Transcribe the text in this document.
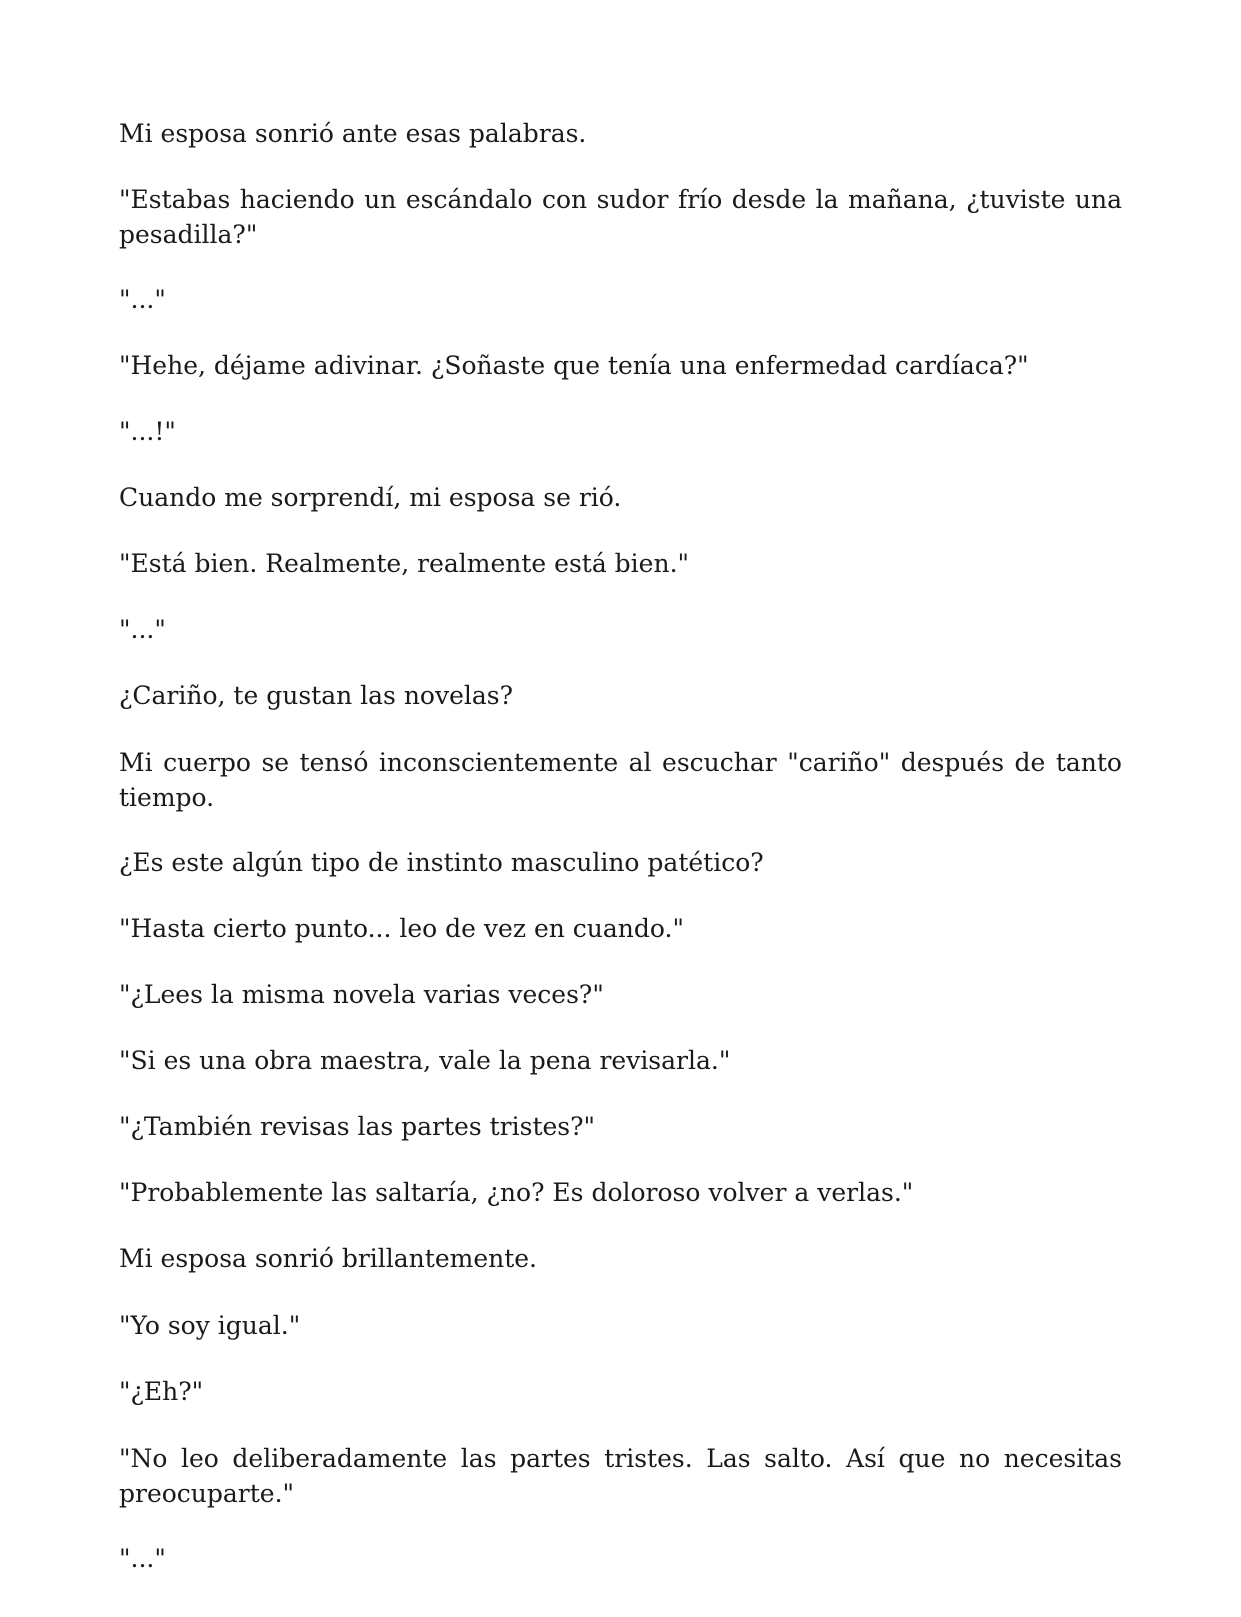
Mi esposa sonrió ante esas palabras.

"Estabas haciendo un escándalo con sudor frío desde la mañana, ¿tuviste una pesadilla?"

"..."

"Hehe, déjame adivinar. ¿Soñaste que tenía una enfermedad cardíaca?"

"...!"

Cuando me sorprendí, mi esposa se rió.

"Está bien. Realmente, realmente está bien."

"..."

¿Cariño, te gustan las novelas?

Mi cuerpo se tensó inconscientemente al escuchar "cariño" después de tanto tiempo.

¿Es este algún tipo de instinto masculino patético?

"Hasta cierto punto... leo de vez en cuando."

"¿Lees la misma novela varias veces?"

"Si es una obra maestra, vale la pena revisarla."

"¿También revisas las partes tristes?"

"Probablemente las saltaría, ¿no? Es doloroso volver a verlas."

Mi esposa sonrió brillantemente.

"Yo soy igual."

"¿Eh?"

"No leo deliberadamente las partes tristes. Las salto. Así que no necesitas preocuparte."

"..."
